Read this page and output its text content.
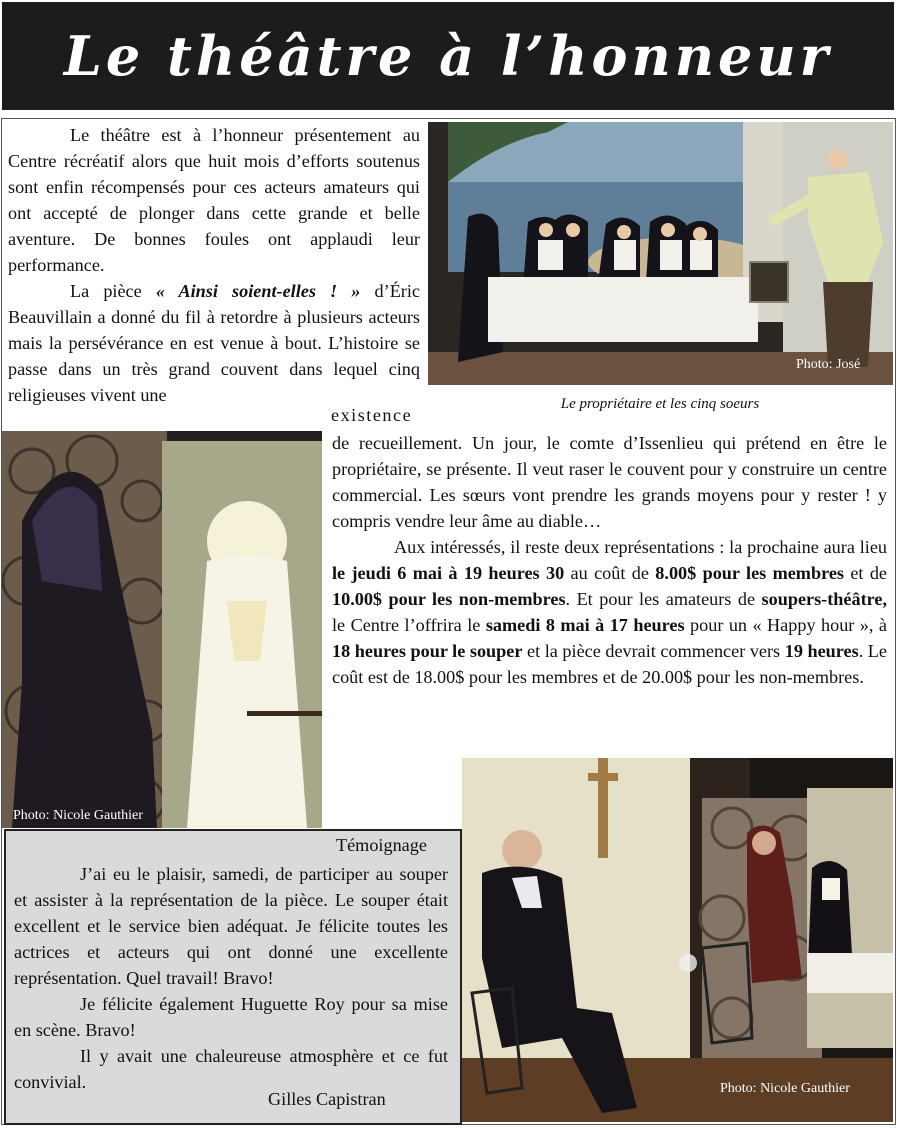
Le théâtre à l’honneur

Le théâtre est à l’honneur présentement au Centre récréatif alors que huit mois d’efforts soutenus sont enfin récompensés pour ces acteurs amateurs qui ont accepté de plonger dans cette grande et belle aventure. De bonnes foules ont applaudi leur performance.
La pièce « Ainsi soient-elles ! » d’Éric Beauvillain a donné du fil à retordre à plusieurs acteurs mais la persévérance en est venue à bout. L’histoire se passe dans un très grand couvent dans lequel cinq religieuses vivent une

existence
Photo: José
Le propriétaire et les cinq soeurs
Photo: Nicole Gauthier

de recueillement. Un jour, le comte d’Issenlieu qui prétend en être le propriétaire, se présente. Il veut raser le couvent pour y construire un centre commercial. Les sœurs vont prendre les grands moyens pour y rester ! y compris vendre leur âme au diable…
Aux intéressés, il reste deux représentations : la prochaine aura lieu le jeudi 6 mai à 19 heures 30 au coût de 8.00$ pour les membres et de 10.00$ pour les non-membres. Et pour les amateurs de soupers-théâtre, le Centre l’offrira le samedi 8 mai à 17 heures pour un « Happy hour », à 18 heures pour le souper et la pièce devrait commencer vers 19 heures. Le coût est de 18.00$ pour les membres et de 20.00$ pour les non-membres.

Photo: Nicole Gauthier
Témoignage

J’ai eu le plaisir, samedi, de participer au souper et assister à la représentation de la pièce. Le souper était excellent et le service bien adéquat. Je félicite toutes les actrices et acteurs qui ont donné une excellente représentation. Quel travail! Bravo!
Je félicite également Huguette Roy pour sa mise en scène. Bravo!
Il y avait une chaleureuse atmosphère et ce fut convivial.

Gilles Capistran
